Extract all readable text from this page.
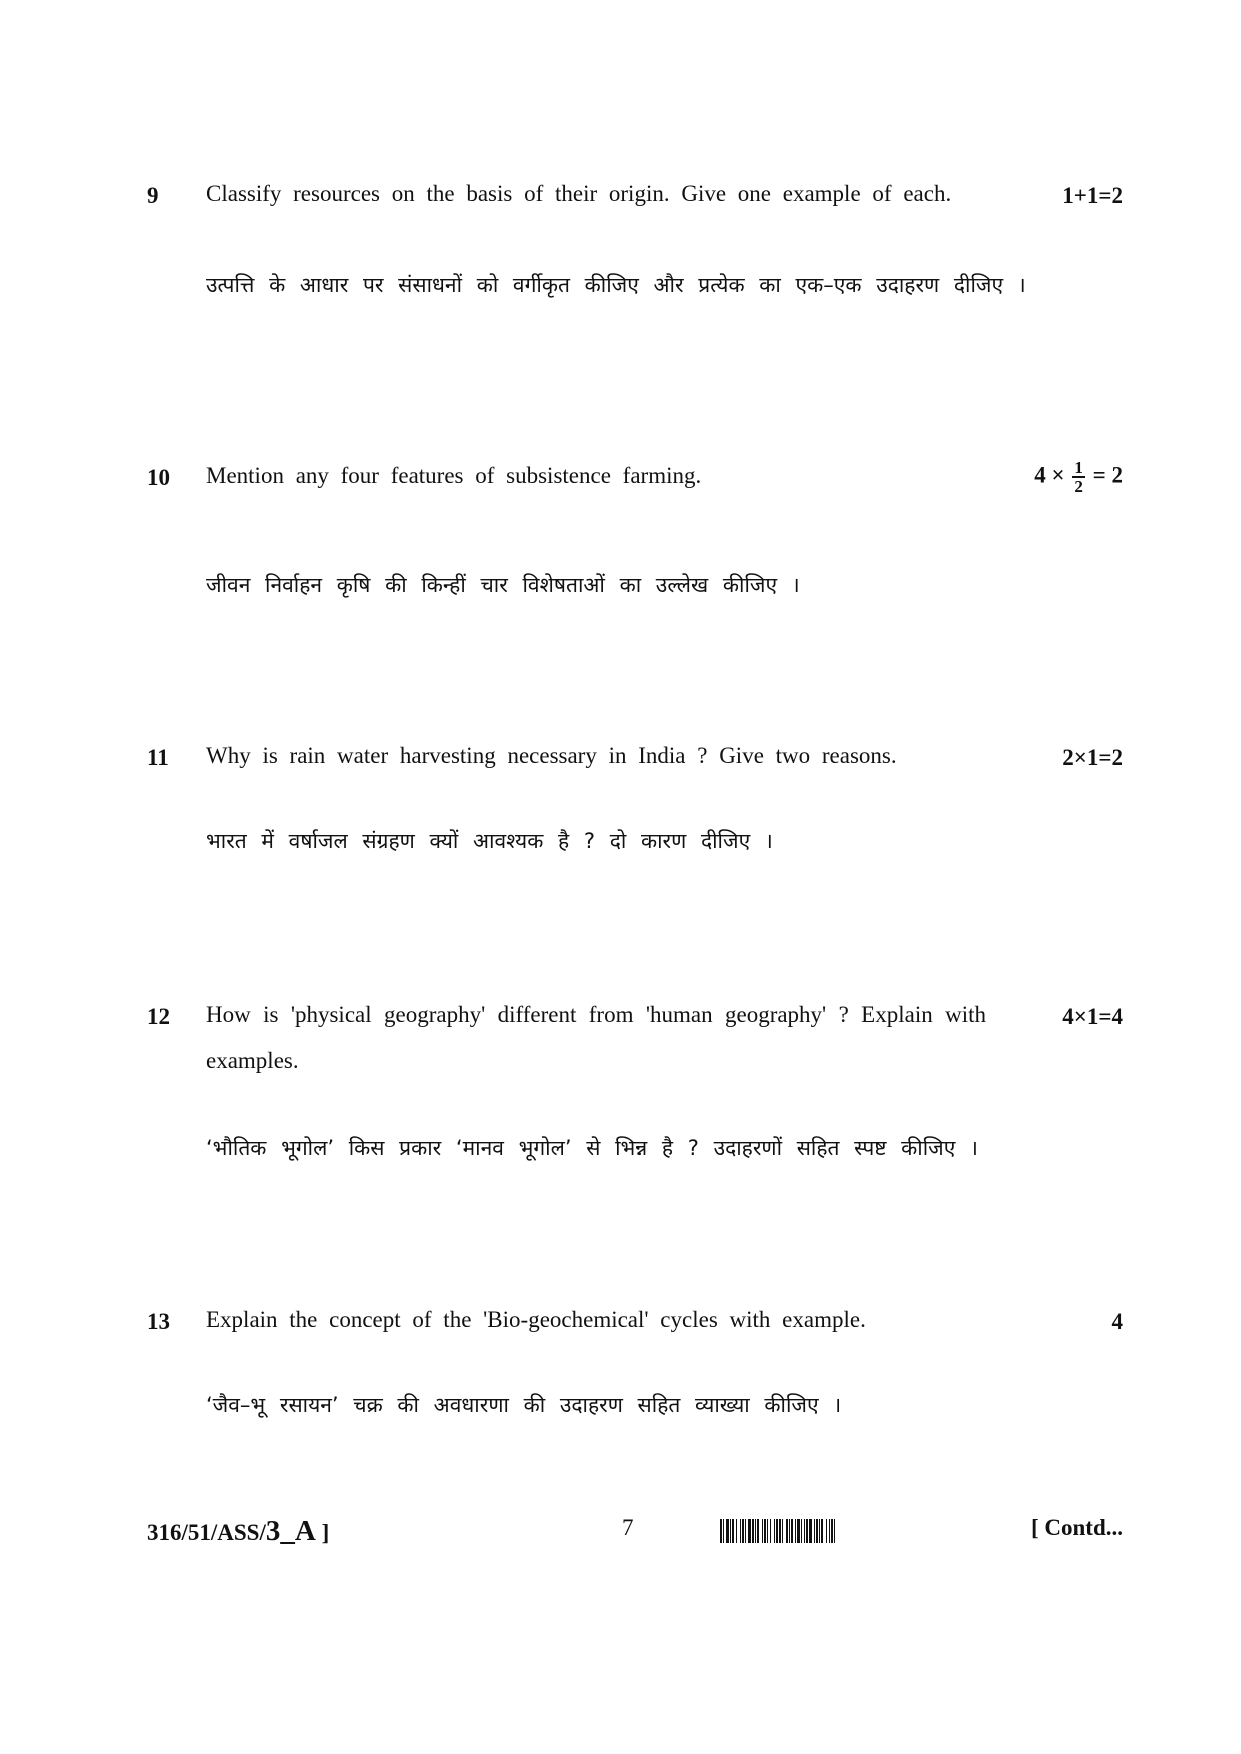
9 Classify resources on the basis of their origin. Give one example of each.	1+1=2
उत्पत्ति के आधार पर संसाधनों को वर्गीकृत कीजिए और प्रत्येक का एक–एक उदाहरण दीजिए ।
10 Mention any four features of subsistence farming.	$4 \times \frac{1}{2} = 2$
जीवन निर्वाहन कृषि की किन्हीं चार विशेषताओं का उल्लेख कीजिए ।
11 Why is rain water harvesting necessary in India ? Give two reasons.	2×1=2
भारत में वर्षाजल संग्रहण क्यों आवश्यक है ? दो कारण दीजिए ।
12 How is 'physical geography' different from 'human geography' ? Explain with examples.
4×1=4
‘भौतिक भूगोल’ किस प्रकार ‘मानव भूगोल’ से भिन्न है ? उदाहरणों सहित स्पष्ट कीजिए ।
13 Explain the concept of the 'Bio-geochemical' cycles with example.	4
‘जैव–भू रसायन’ चक्र की अवधारणा की उदाहरण सहित व्याख्या कीजिए ।
316/51/ASS/3_A ]	7	[ Contd...
